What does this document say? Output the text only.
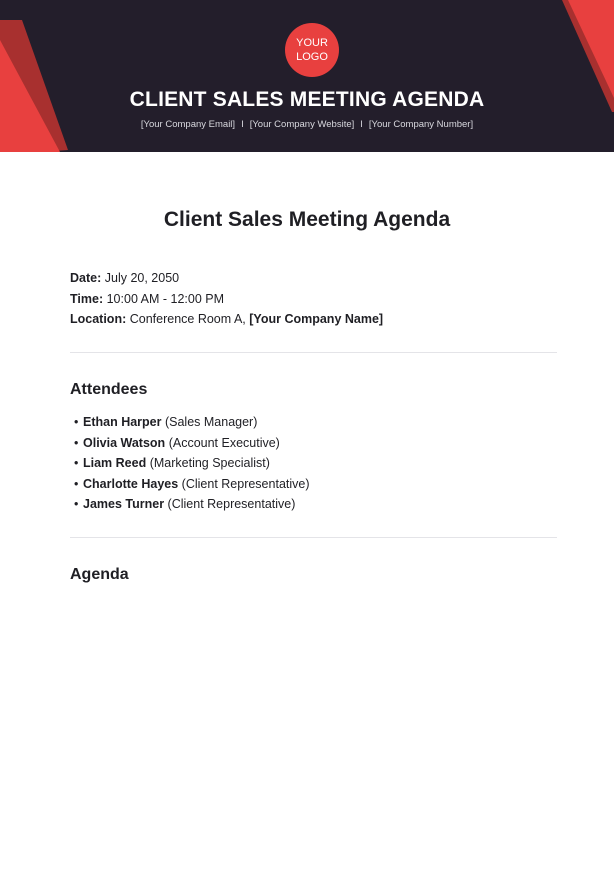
YOUR
LOGO
CLIENT SALES MEETING AGENDA
[Your Company Email] I [Your Company Website] I [Your Company Number]
Client Sales Meeting Agenda
Date: July 20, 2050
Time: 10:00 AM - 12:00 PM
Location: Conference Room A, [Your Company Name]
Attendees
• Ethan Harper (Sales Manager)
• Olivia Watson (Account Executive)
• Liam Reed (Marketing Specialist)
• Charlotte Hayes (Client Representative)
• James Turner (Client Representative)
Agenda
